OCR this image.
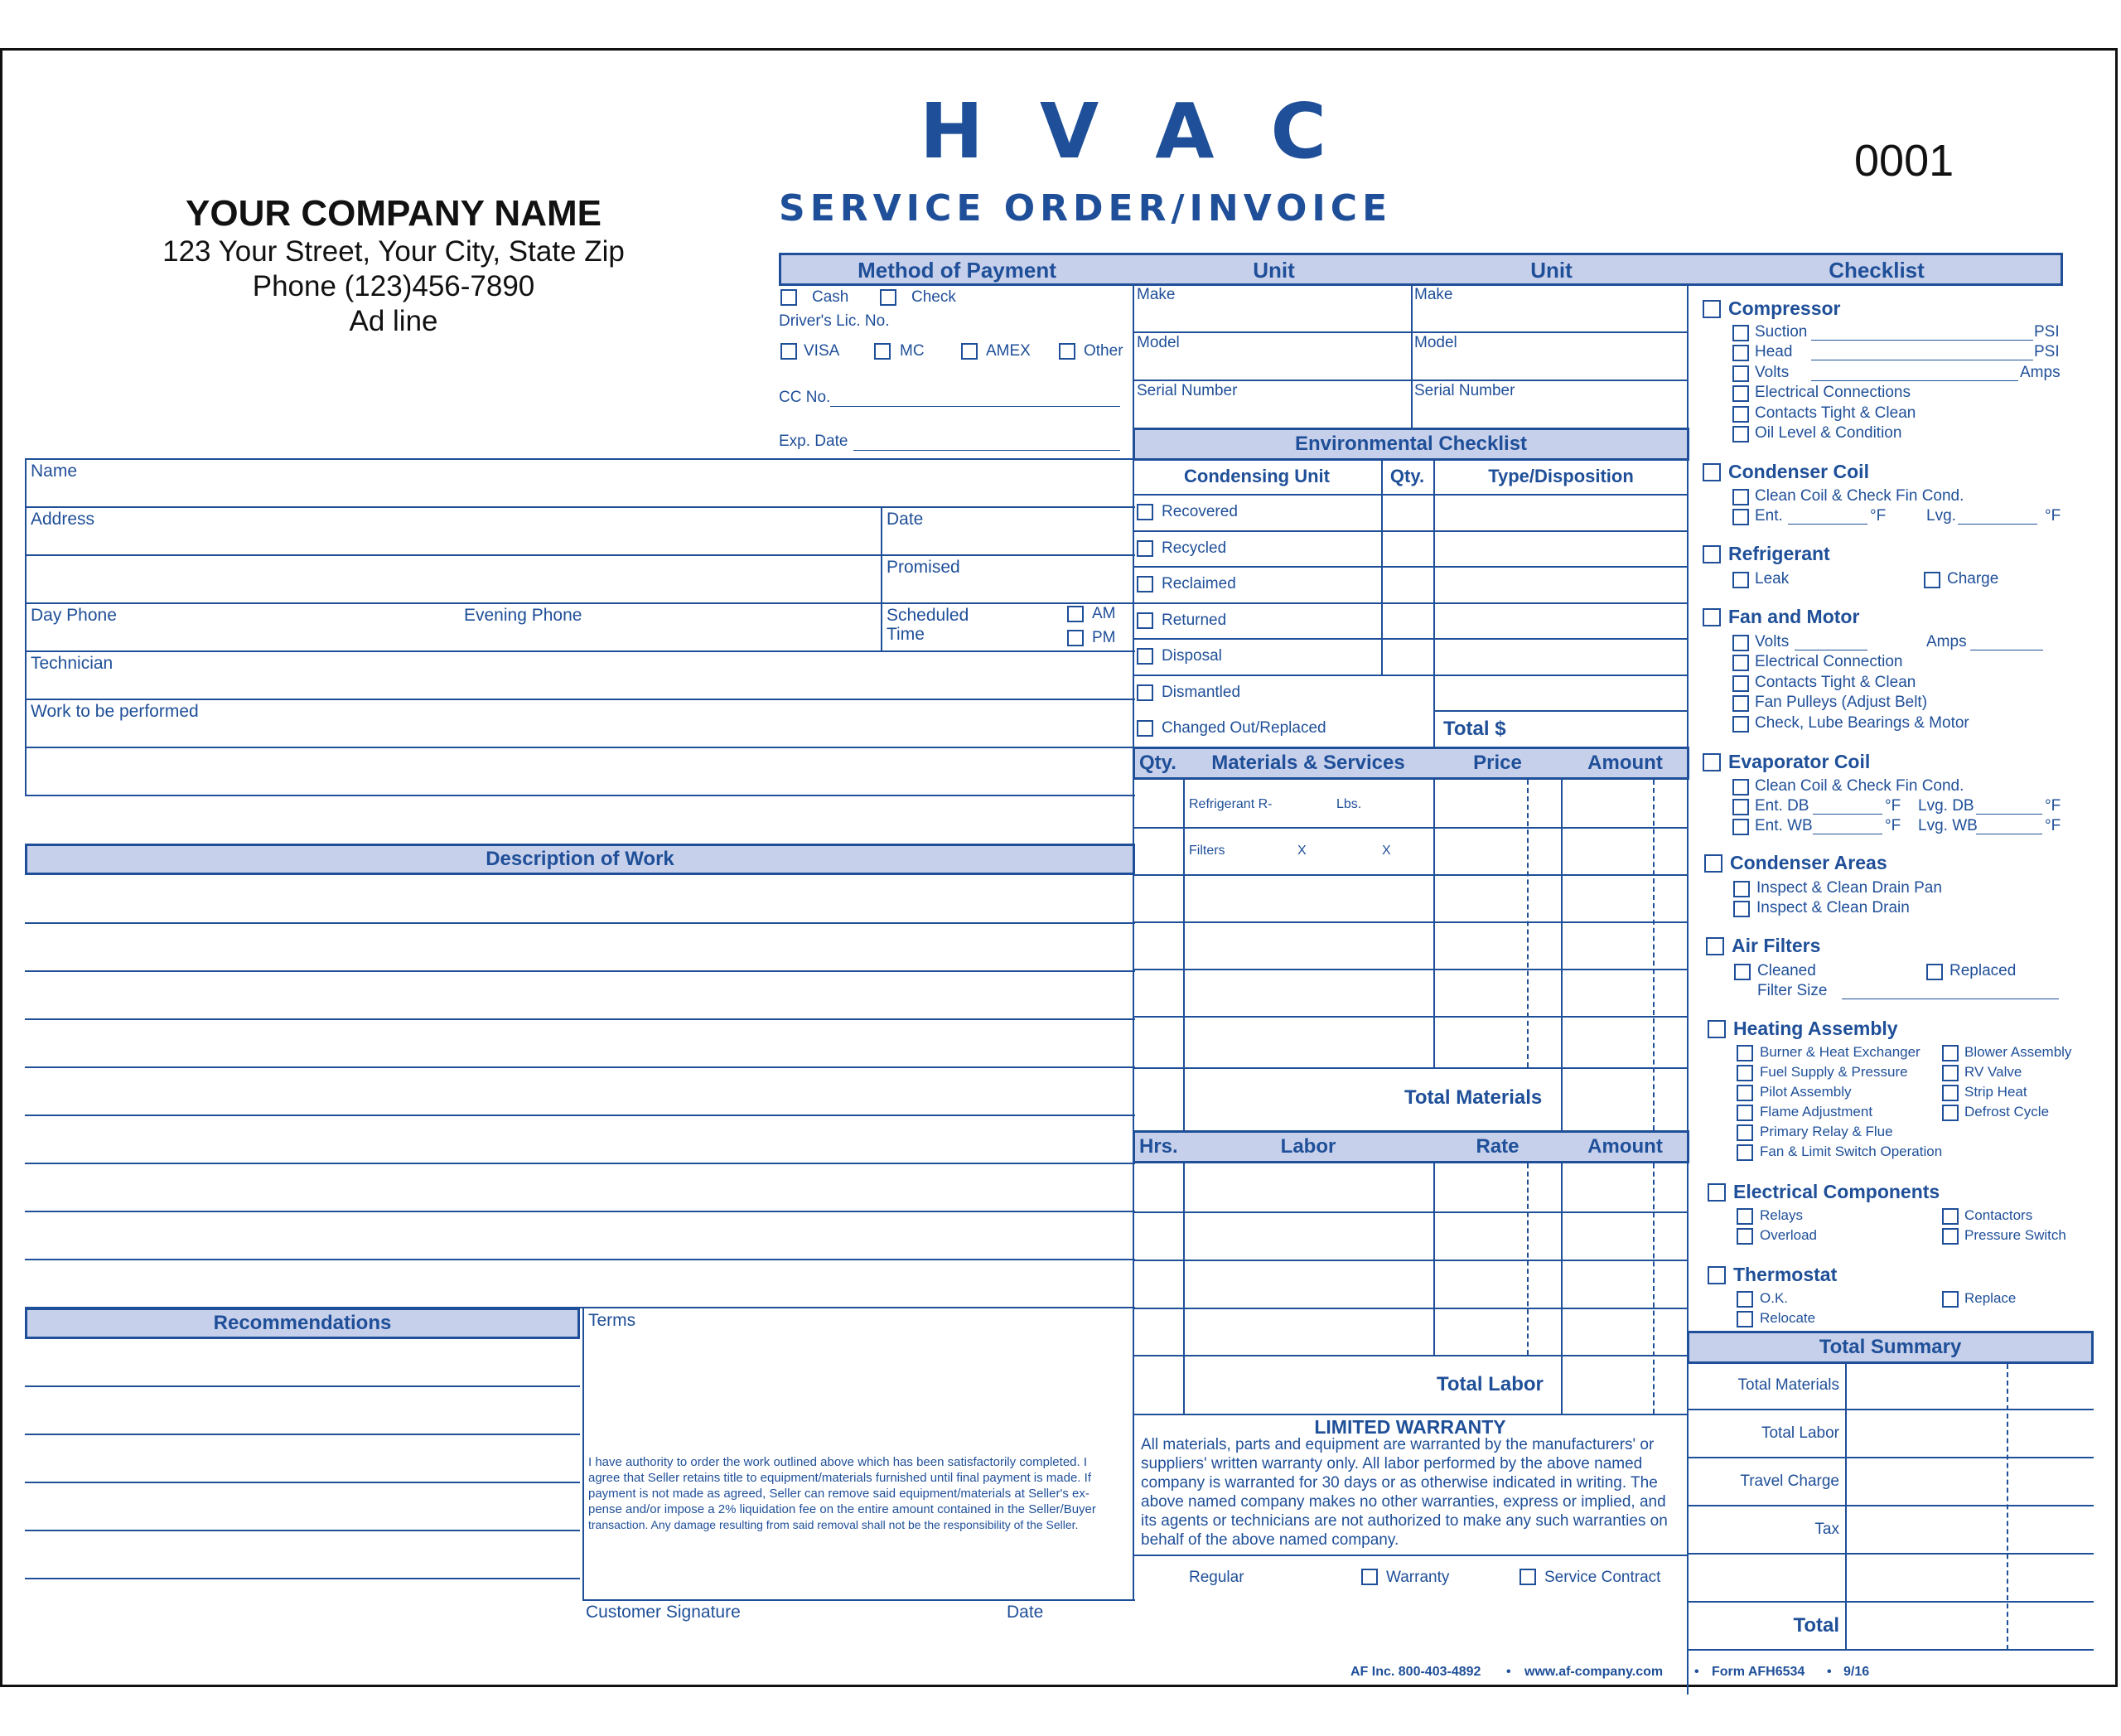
H V A C
SERVICE ORDER/INVOICE
0001
YOUR COMPANY NAME
123 Your Street, Your City, State Zip
Phone (123)456-7890
Ad line
Method of Payment	Unit	Unit	Checklist
Cash	Check
Driver's Lic. No.
VISA	MC	AMEX	Other
CC No.
Exp. Date
Make	Make
Model	Model
Serial Number	Serial Number
Name
Address	Date
Promised
Day Phone	Evening Phone	Scheduled
Time
AM
PM
Technician
Work to be performed
Description of Work
Recommendations	Terms
I have authority to order the work outlined above which has been satisfactorily completed. I
agree that Seller retains title to equipment/materials furnished until final payment is made. If
payment is not made as agreed, Seller can remove said equipment/materials at Seller's ex-
pense and/or impose a 2% liquidation fee on the entire amount contained in the Seller/Buyer
transaction. Any damage resulting from said removal shall not be the responsibility of the Seller.
Customer Signature	Date
Environmental Checklist
Condensing Unit	Qty.	Type/Disposition
Recovered
Recycled
Reclaimed
Returned
Disposal
Dismantled
Changed Out/Replaced	Total $
Qty.	Materials & Services	Price	Amount
Refrigerant R-	Lbs.
Filters	X	X
Total Materials
Hrs.	Labor	Rate	Amount
Total Labor
LIMITED WARRANTY
All materials, parts and equipment are warranted by the manufacturers' or
suppliers' written warranty only. All labor performed by the above named
company is warranted for 30 days or as otherwise indicated in writing. The
above named company makes no other warranties, express or implied, and
its agents or technicians are not authorized to make any such warranties on
behalf of the above named company.
Regular	Warranty	Service Contract
Compressor
Suction	PSI
Head	PSI
Volts	Amps
Electrical Connections
Contacts Tight & Clean
Oil Level & Condition
Condenser Coil
Clean Coil & Check Fin Cond.
Ent.	°F	Lvg.	°F
Refrigerant
Leak	Charge
Fan and Motor
Volts	Amps
Electrical Connection
Contacts Tight & Clean
Fan Pulleys (Adjust Belt)
Check, Lube Bearings & Motor
Evaporator Coil
Clean Coil & Check Fin Cond.
Ent. DB	°F Lvg. DB	°F
Ent. WB	°F Lvg. WB	°F
Condenser Areas
Inspect & Clean Drain Pan
Inspect & Clean Drain
Air Filters
Cleaned	Replaced
Filter Size
Heating Assembly
Burner & Heat Exchanger	Blower Assembly
Fuel Supply & Pressure	RV Valve
Pilot Assembly	Strip Heat
Flame Adjustment	Defrost Cycle
Primary Relay & Flue
Fan & Limit Switch Operation
Electrical Components
Relays	Contactors
Overload	Pressure Switch
Thermostat
O.K.	Replace
Relocate
Total Summary
Total Materials
Total Labor
Travel Charge
Tax
Total
AF Inc. 800-403-4892 • www.af-company.com • Form AFH6534 • 9/16
